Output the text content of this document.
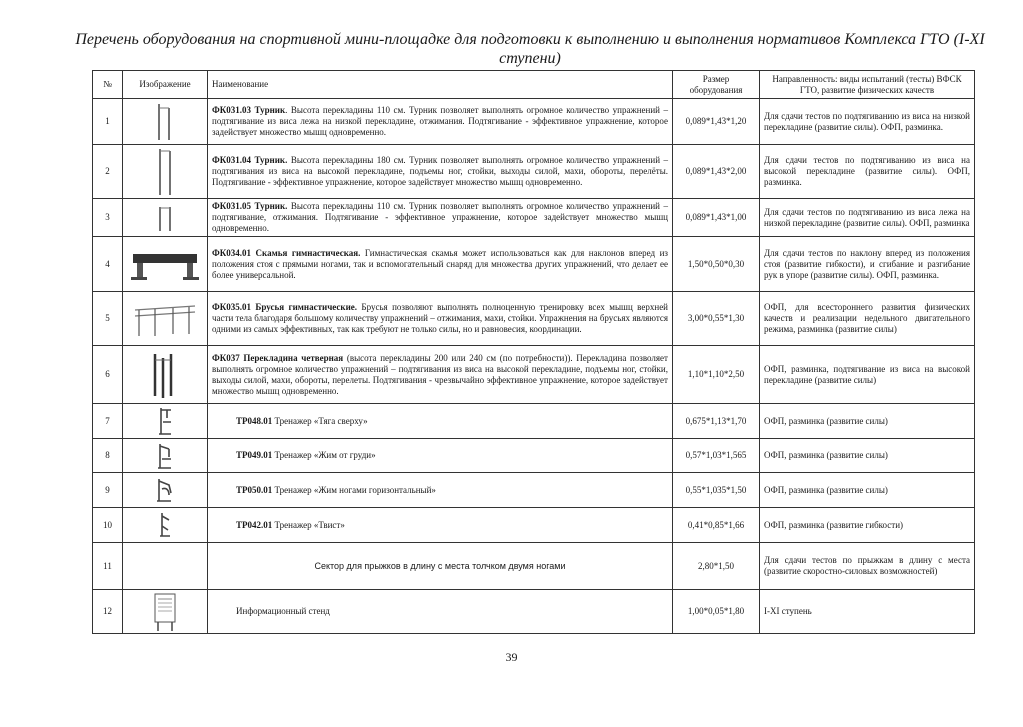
Перечень оборудования на спортивной мини-площадке для подготовки к выполнению и выполнения нормативов Комплекса ГТО (I-XI ступени)
№	Изображение	Наименование	Размер оборудования	Направленность: виды испытаний (тесты) ВФСК ГТО, развитие физических качеств
1		ФК031.03 Турник. Высота перекладины 110 см. Турник позволяет выполнять огромное количество упражнений – подтягивание из виса лежа на низкой перекладине, отжимания. Подтягивание - эффективное упражнение, которое задействует множество мышц одновременно.	0,089*1,43*1,20	Для сдачи тестов по подтягиванию из виса на низкой перекладине (развитие силы). ОФП, разминка.
2		ФК031.04 Турник. Высота перекладины 180 см. Турник позволяет выполнять огромное количество упражнений – подтягивания из виса на высокой перекладине, подъемы ног, стойки, выходы силой, махи, обороты, перелёты. Подтягивание - эффективное упражнение, которое задействует множество мышц одновременно.	0,089*1,43*2,00	Для сдачи тестов по подтягиванию из виса на высокой перекладине (развитие силы). ОФП, разминка.
3		ФК031.05 Турник. Высота перекладины 110 см. Турник позволяет выполнять огромное количество упражнений – подтягивание, отжимания. Подтягивание - эффективное упражнение, которое задействует множество мышц одновременно.	0,089*1,43*1,00	Для сдачи тестов по подтягиванию из виса лежа на низкой перекладине (развитие силы). ОФП, разминка
4		ФК034.01 Скамья гимнастическая. Гимнастическая скамья может использоваться как для наклонов вперед из положения стоя с прямыми ногами, так и вспомогательный снаряд для множества других упражнений, что делает ее более универсальной.	1,50*0,50*0,30	Для сдачи тестов по наклону вперед из положения стоя (развитие гибкости), и сгибание и разгибание рук в упоре (развитие силы). ОФП, разминка.
5		ФК035.01 Брусья гимнастические. Брусья позволяют выполнять полноценную тренировку всех мышц верхней части тела благодаря большому количеству упражнений – отжимания, махи, стойки. Упражнения на брусьях являются одними из самых эффективных, так как требуют не только силы, но и равновесия, координации.	3,00*0,55*1,30	ОФП, для всестороннего развития физических качеств и реализации недельного двигательного режима, разминка (развитие силы)
6		ФК037 Перекладина четверная (высота перекладины 200 или 240 см (по потребности)). Перекладина позволяет выполнять огромное количество упражнений – подтягивания из виса на высокой перекладине, подъемы ног, стойки, выходы силой, махи, обороты, перелеты. Подтягивания - чрезвычайно эффективное упражнение, которое задействует множество мышц одновременно.	1,10*1,10*2,50	ОФП, разминка, подтягивание из виса на высокой перекладине (развитие силы)
7		ТР048.01 Тренажер «Тяга сверху»	0,675*1,13*1,70	ОФП, разминка (развитие силы)
8		ТР049.01 Тренажер «Жим от груди»	0,57*1,03*1,565	ОФП, разминка (развитие силы)
9		ТР050.01 Тренажер «Жим ногами горизонтальный»	0,55*1,035*1,50	ОФП, разминка (развитие силы)
10		ТР042.01 Тренажер «Твист»	0,41*0,85*1,66	ОФП, разминка (развитие гибкости)
11		Сектор для прыжков в длину с места толчком двумя ногами	2,80*1,50	Для сдачи тестов по прыжкам в длину с места (развитие скоростно-силовых возможностей)
12		Информационный стенд	1,00*0,05*1,80	I-XI ступень
39
